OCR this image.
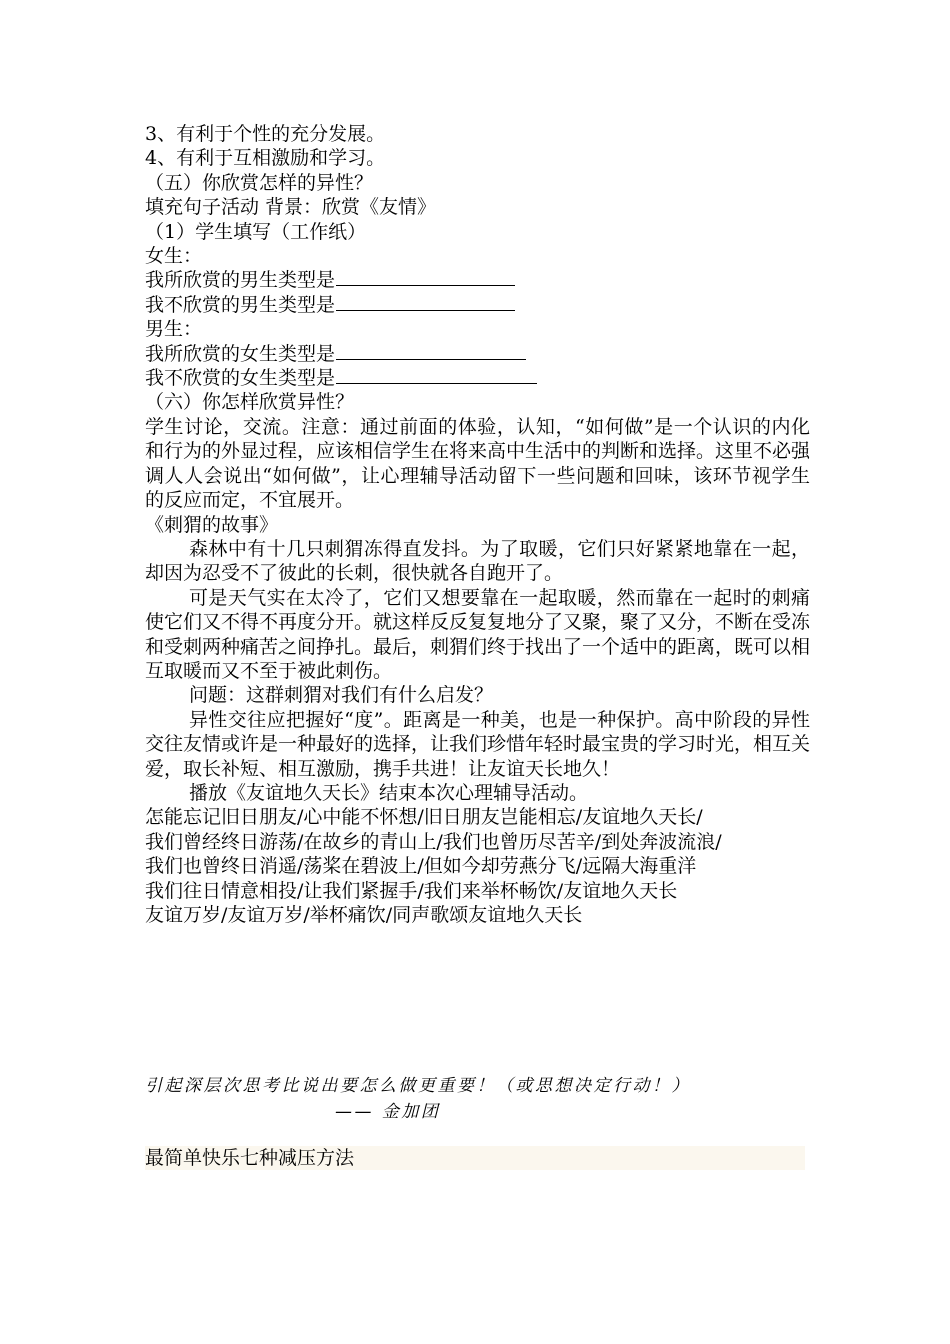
3、有利于个性的充分发展。

4、有利于互相激励和学习。

（五）你欣赏怎样的异性？

填充句子活动 背景：欣赏《友情》

（1）学生填写（工作纸）

女生：

我所欣赏的男生类型是

我不欣赏的男生类型是

男生：

我所欣赏的女生类型是

我不欣赏的女生类型是

（六）你怎样欣赏异性？

学生讨论，交流。注意：通过前面的体验，认知，“如何做”是一个认识的内化和行为的外显过程，应该相信学生在将来高中生活中的判断和选择。这里不必强调人人会说出“如何做”，让心理辅导活动留下一些问题和回味，该环节视学生的反应而定，不宜展开。

《刺猬的故事》

森林中有十几只刺猬冻得直发抖。为了取暖，它们只好紧紧地靠在一起，却因为忍受不了彼此的长刺，很快就各自跑开了。

可是天气实在太冷了，它们又想要靠在一起取暖，然而靠在一起时的刺痛使它们又不得不再度分开。就这样反反复复地分了又聚，聚了又分，不断在受冻和受刺两种痛苦之间挣扎。最后，刺猬们终于找出了一个适中的距离，既可以相互取暖而又不至于被此刺伤。

问题：这群刺猬对我们有什么启发？

异性交往应把握好“度”。距离是一种美，也是一种保护。高中阶段的异性交往友情或许是一种最好的选择，让我们珍惜年轻时最宝贵的学习时光，相互关爱，取长补短、相互激励，携手共进！让友谊天长地久！

播放《友谊地久天长》结束本次心理辅导活动。

怎能忘记旧日朋友/心中能不怀想/旧日朋友岂能相忘/友谊地久天长/

我们曾经终日游荡/在故乡的青山上/我们也曾历尽苦辛/到处奔波流浪/

我们也曾终日消遥/荡桨在碧波上/但如今却劳燕分飞/远隔大海重洋

我们往日情意相投/让我们紧握手/我们来举杯畅饮/友谊地久天长

友谊万岁/友谊万岁/举杯痛饮/同声歌颂友谊地久天长

引起深层次思考比说出要怎么做更重要！（或思想决定行动！）
—— 金加团
最简单快乐七种减压方法
